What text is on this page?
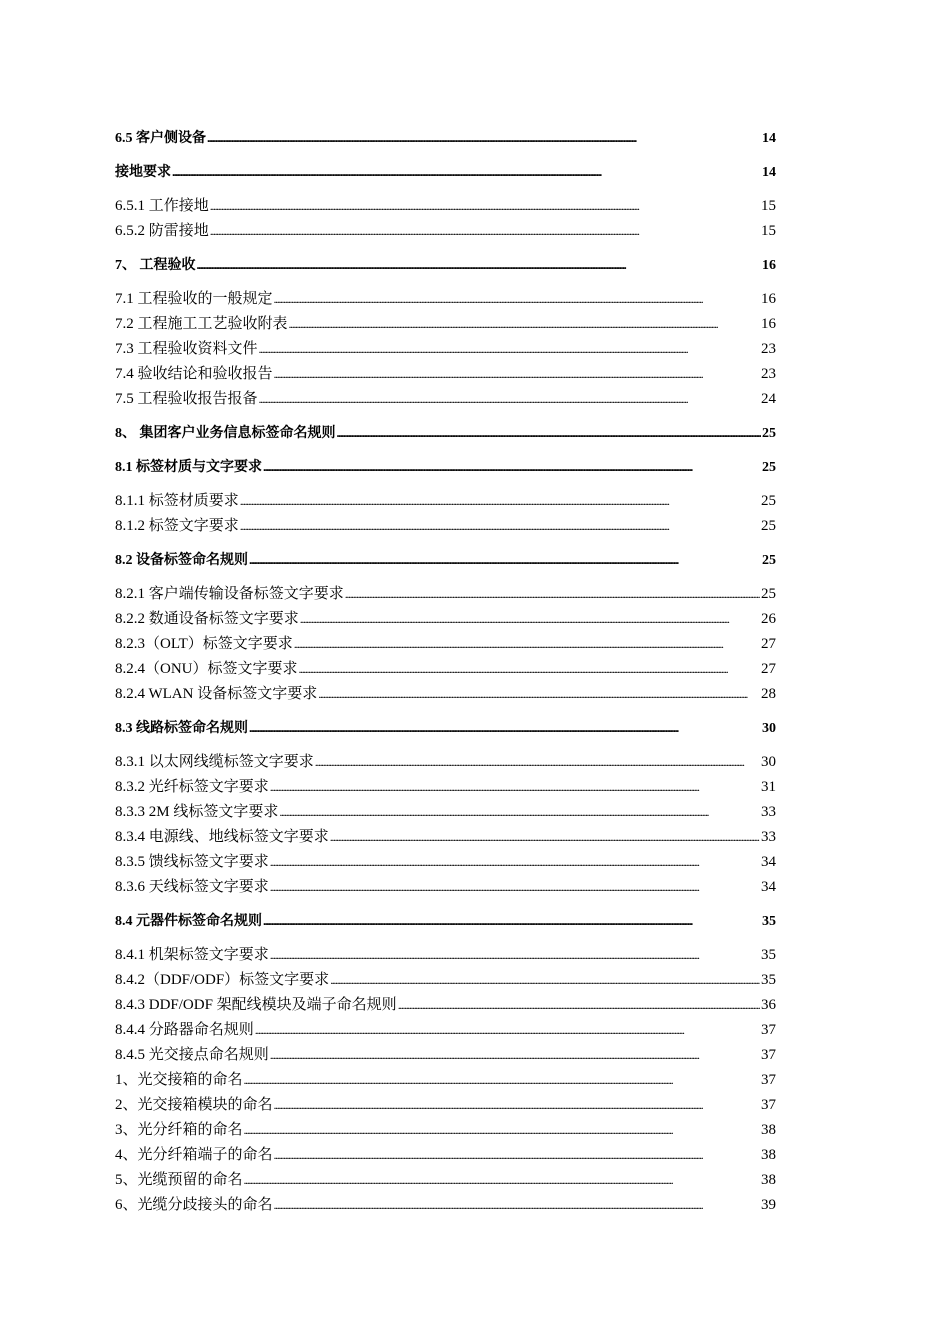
6.5 客户侧设备 . . .	14
接地要求 . . .	14
6.5.1 工作接地 . . .	15
6.5.2 防雷接地 . . .	15
7、 工程验收 . . .	16
7.1 工程验收的一般规定 . . .	16
7.2 工程施工工艺验收附表 . . .	16
7.3 工程验收资料文件 . . .	23
7.4 验收结论和验收报告 . . .	23
7.5 工程验收报告报备 . . .	24
8、 集团客户业务信息标签命名规则 . . .	25
8.1 标签材质与文字要求 . . .	25
8.1.1 标签材质要求 . . .	25
8.1.2 标签文字要求 . . .	25
8.2 设备标签命名规则 . . .	25
8.2.1 客户端传输设备标签文字要求 . . .	25
8.2.2 数通设备标签文字要求 . . .	26
8.2.3（OLT）标签文字要求 . . .	27
8.2.4（ONU）标签文字要求 . . .	27
8.2.4 WLAN 设备标签文字要求 . . .	28
8.3 线路标签命名规则 . . .	30
8.3.1 以太网线缆标签文字要求 . . .	30
8.3.2 光纤标签文字要求 . . .	31
8.3.3 2M 线标签文字要求 . . .	33
8.3.4 电源线、地线标签文字要求 . . .	33
8.3.5 馈线标签文字要求 . . .	34
8.3.6 天线标签文字要求 . . .	34
8.4 元器件标签命名规则 . . .	35
8.4.1 机架标签文字要求 . . .	35
8.4.2（DDF/ODF）标签文字要求 . . .	35
8.4.3 DDF/ODF 架配线模块及端子命名规则 . . .	36
8.4.4 分路器命名规则 . . .	37
8.4.5 光交接点命名规则 . . .	37
1、光交接箱的命名 . . .	37
2、光交接箱模块的命名 . . .	37
3、光分纤箱的命名 . . .	38
4、光分纤箱端子的命名 . . .	38
5、光缆预留的命名 . . .	38
6、光缆分歧接头的命名 . . .	39
